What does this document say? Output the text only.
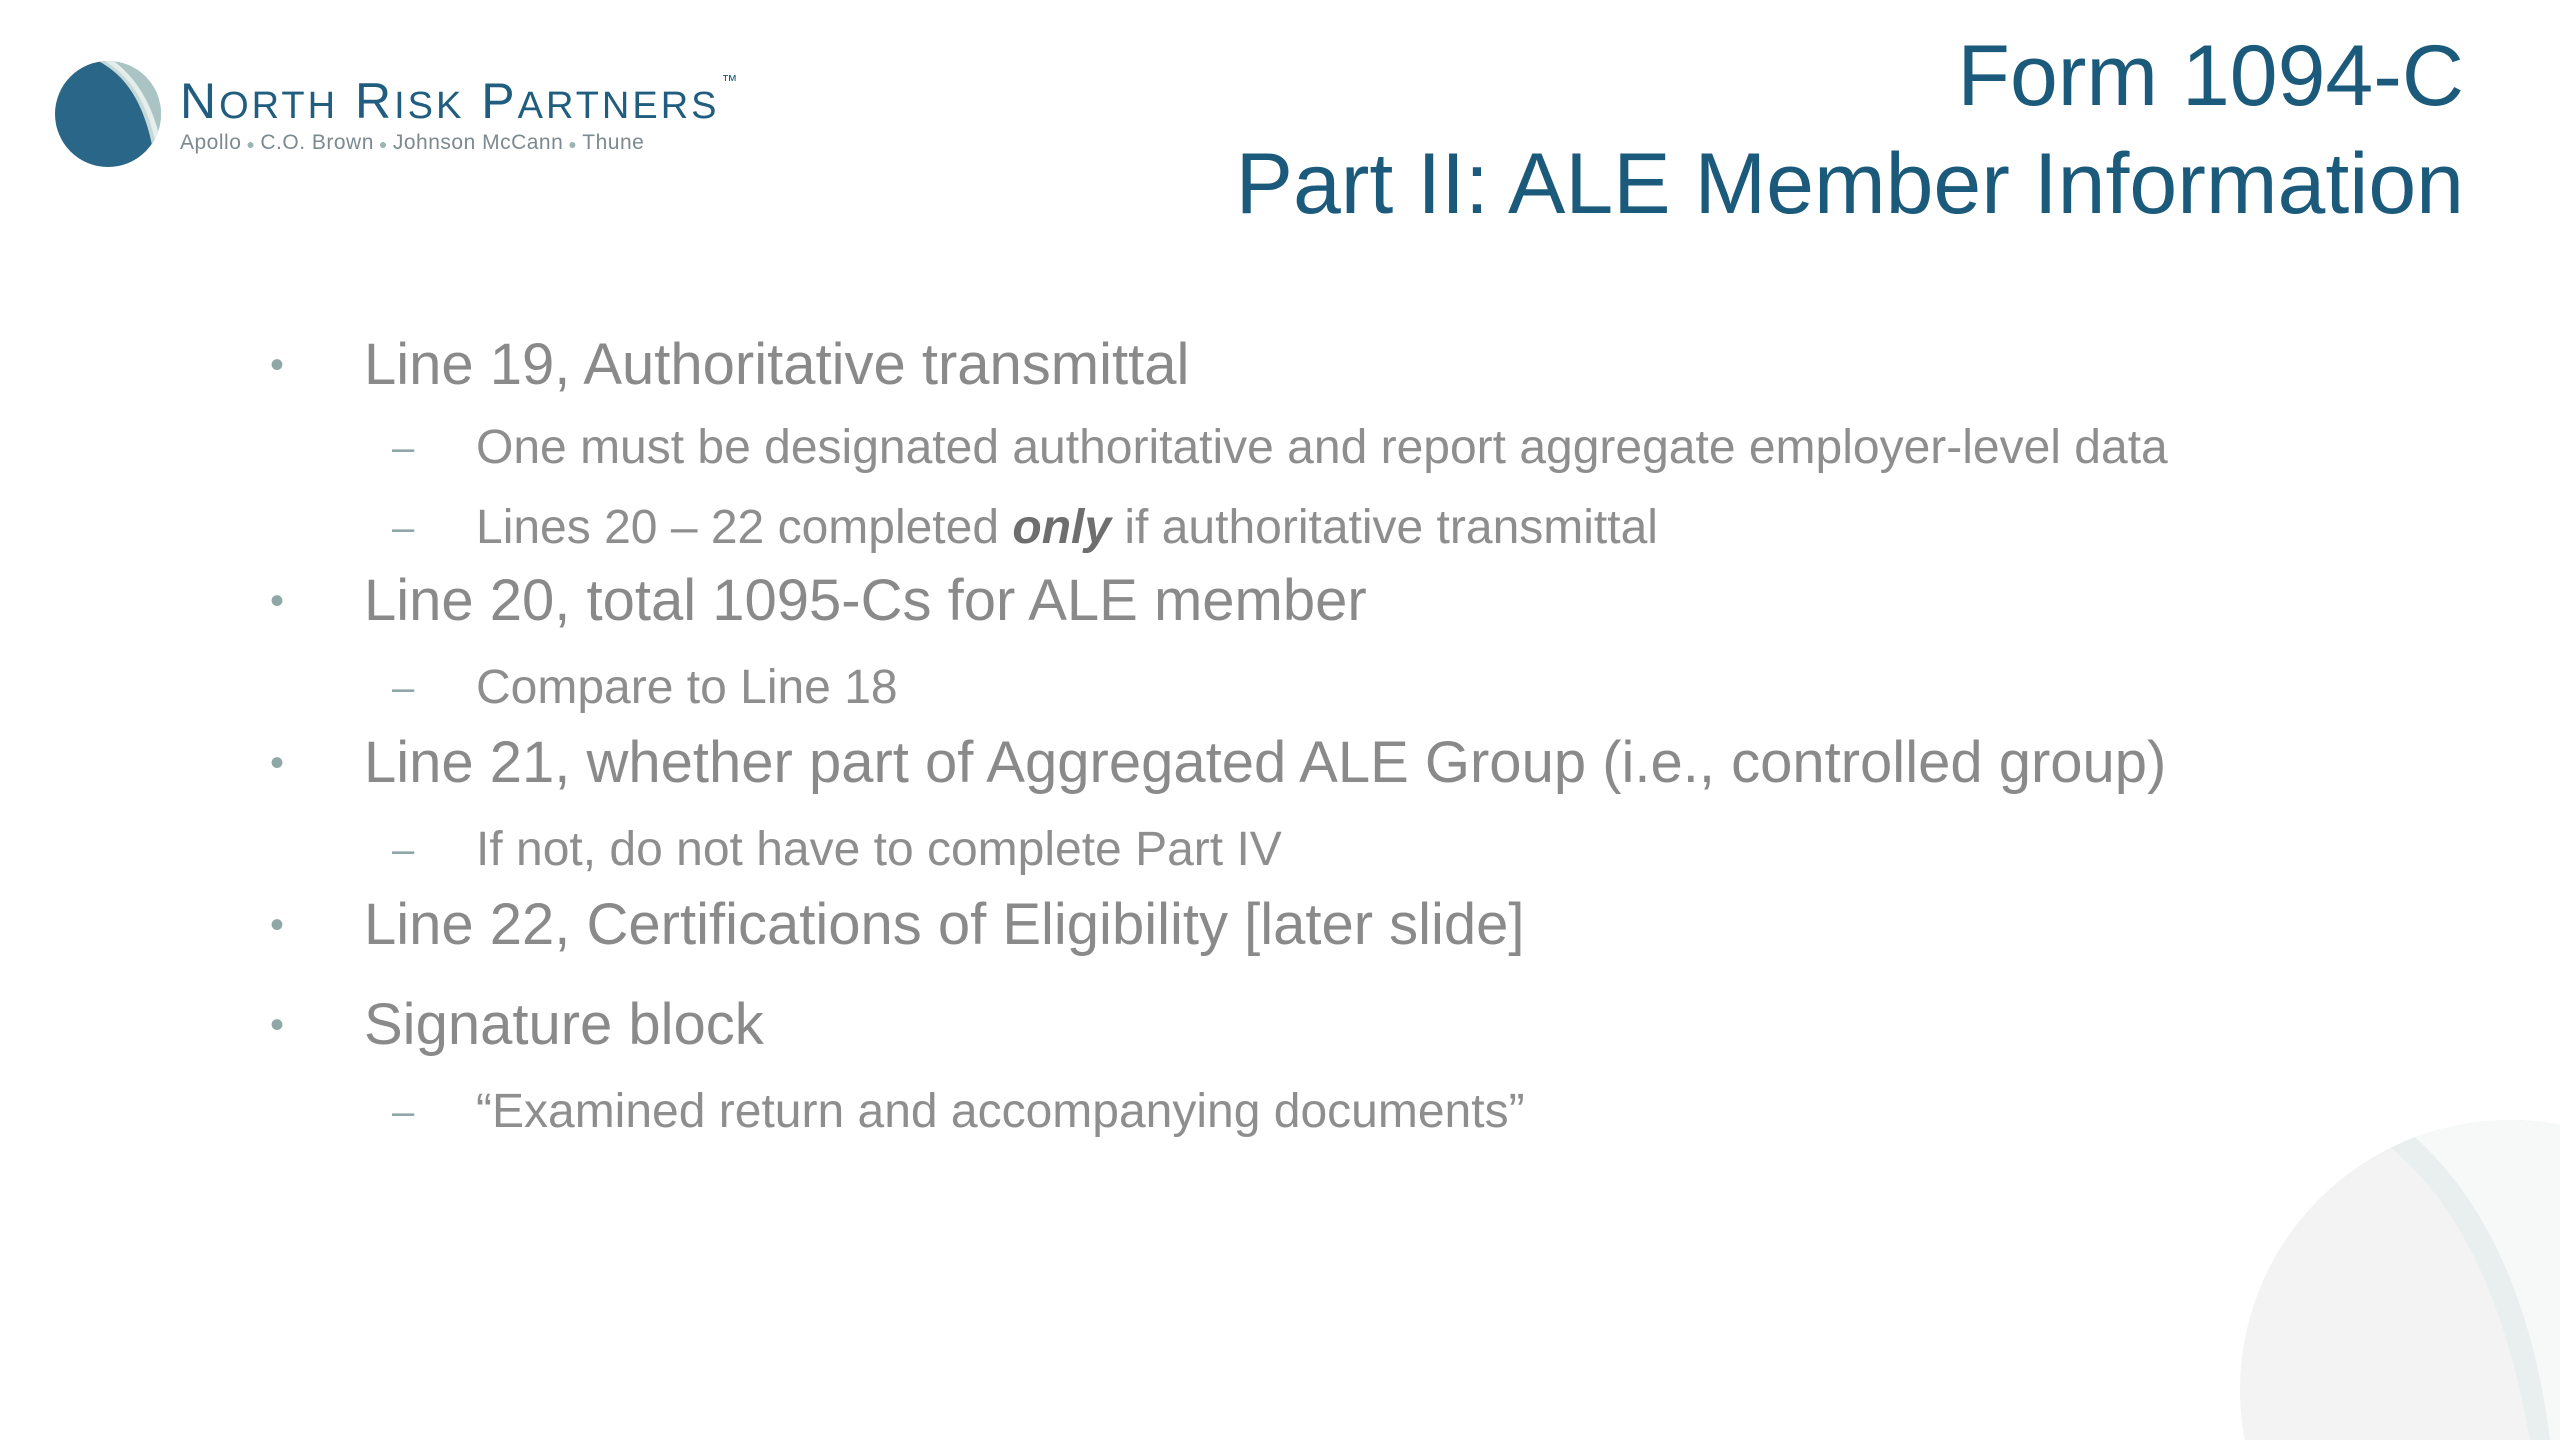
NORTH RISK PARTNERS™
Apollo ● C.O. Brown ● Johnson McCann ● Thune
Form 1094-C
Part II: ALE Member Information
• Line 19, Authoritative transmittal
– One must be designated authoritative and report aggregate employer-level data
– Lines 20 – 22 completed only if authoritative transmittal
• Line 20, total 1095-Cs for ALE member
– Compare to Line 18
• Line 21, whether part of Aggregated ALE Group (i.e., controlled group)
– If not, do not have to complete Part IV
• Line 22, Certifications of Eligibility [later slide]
• Signature block
– “Examined return and accompanying documents”
